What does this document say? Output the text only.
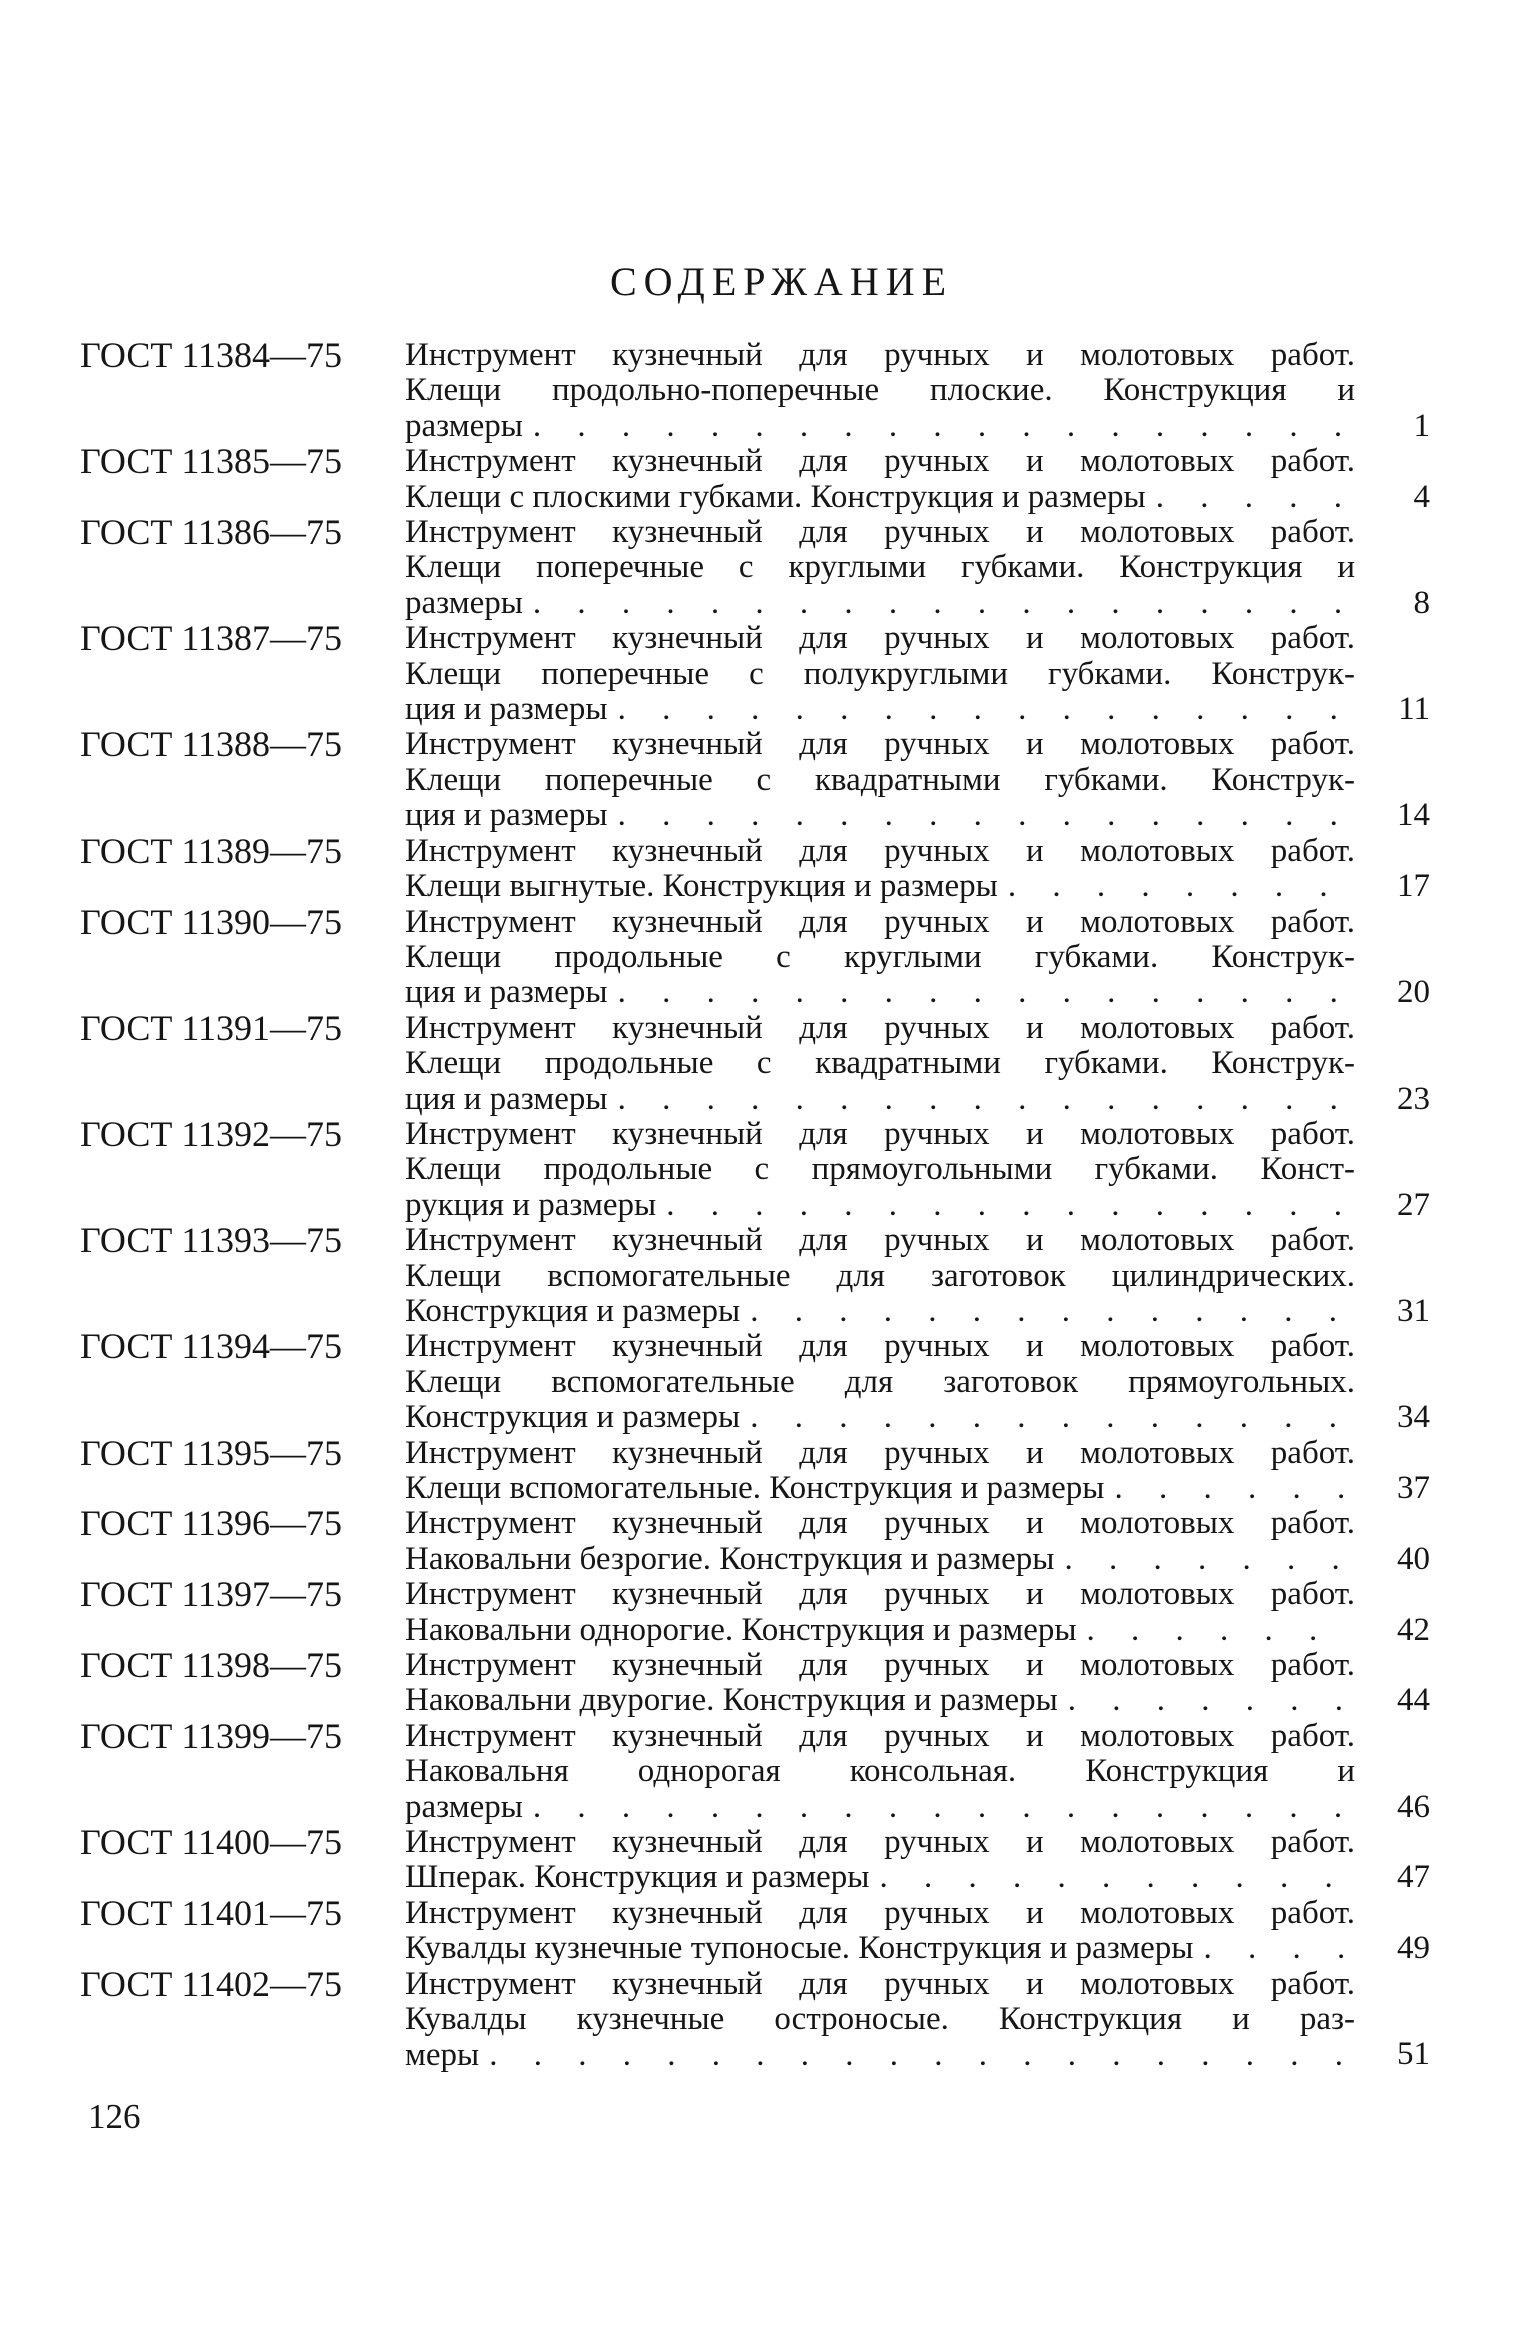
СОДЕРЖАНИЕ
ГОСТ 11384—75	Инструмент кузнечный для ручных и молотовых работ.
Клещи продольно-поперечные плоские. Конструкция и
размеры . . .	1
ГОСТ 11385—75	Инструмент кузнечный для ручных и молотовых работ.
Клещи с плоскими губками. Конструкция и размеры . . .	4
ГОСТ 11386—75	Инструмент кузнечный для ручных и молотовых работ.
Клещи поперечные с круглыми губками. Конструкция и
размеры . . .	8
ГОСТ 11387—75	Инструмент кузнечный для ручных и молотовых работ.
Клещи поперечные с полукруглыми губками. Конструк-
ция и размеры . . .	11
ГОСТ 11388—75	Инструмент кузнечный для ручных и молотовых работ.
Клещи поперечные с квадратными губками. Конструк-
ция и размеры . . .	14
ГОСТ 11389—75	Инструмент кузнечный для ручных и молотовых работ.
Клещи выгнутые. Конструкция и размеры . . .	17
ГОСТ 11390—75	Инструмент кузнечный для ручных и молотовых работ.
Клещи продольные с круглыми губками. Конструк-
ция и размеры . . .	20
ГОСТ 11391—75	Инструмент кузнечный для ручных и молотовых работ.
Клещи продольные с квадратными губками. Конструк-
ция и размеры . . .	23
ГОСТ 11392—75	Инструмент кузнечный для ручных и молотовых работ.
Клещи продольные с прямоугольными губками. Конст-
рукция и размеры . . .	27
ГОСТ 11393—75	Инструмент кузнечный для ручных и молотовых работ.
Клещи вспомогательные для заготовок цилиндрических.
Конструкция и размеры . . .	31
ГОСТ 11394—75	Инструмент кузнечный для ручных и молотовых работ.
Клещи вспомогательные для заготовок прямоугольных.
Конструкция и размеры . . .	34
ГОСТ 11395—75	Инструмент кузнечный для ручных и молотовых работ.
Клещи вспомогательные. Конструкция и размеры . . .	37
ГОСТ 11396—75	Инструмент кузнечный для ручных и молотовых работ.
Наковальни безрогие. Конструкция и размеры . . .	40
ГОСТ 11397—75	Инструмент кузнечный для ручных и молотовых работ.
Наковальни однорогие. Конструкция и размеры . . .	42
ГОСТ 11398—75	Инструмент кузнечный для ручных и молотовых работ.
Наковальни двурогие. Конструкция и размеры . . .	44
ГОСТ 11399—75	Инструмент кузнечный для ручных и молотовых работ.
Наковальня однорогая консольная. Конструкция и
размеры . . .	46
ГОСТ 11400—75	Инструмент кузнечный для ручных и молотовых работ.
Шперак. Конструкция и размеры . . .	47
ГОСТ 11401—75	Инструмент кузнечный для ручных и молотовых работ.
Кувалды кузнечные тупоносые. Конструкция и размеры . . .	49
ГОСТ 11402—75	Инструмент кузнечный для ручных и молотовых работ.
Кувалды кузнечные остроносые. Конструкция и раз-
меры . . .	51
126
